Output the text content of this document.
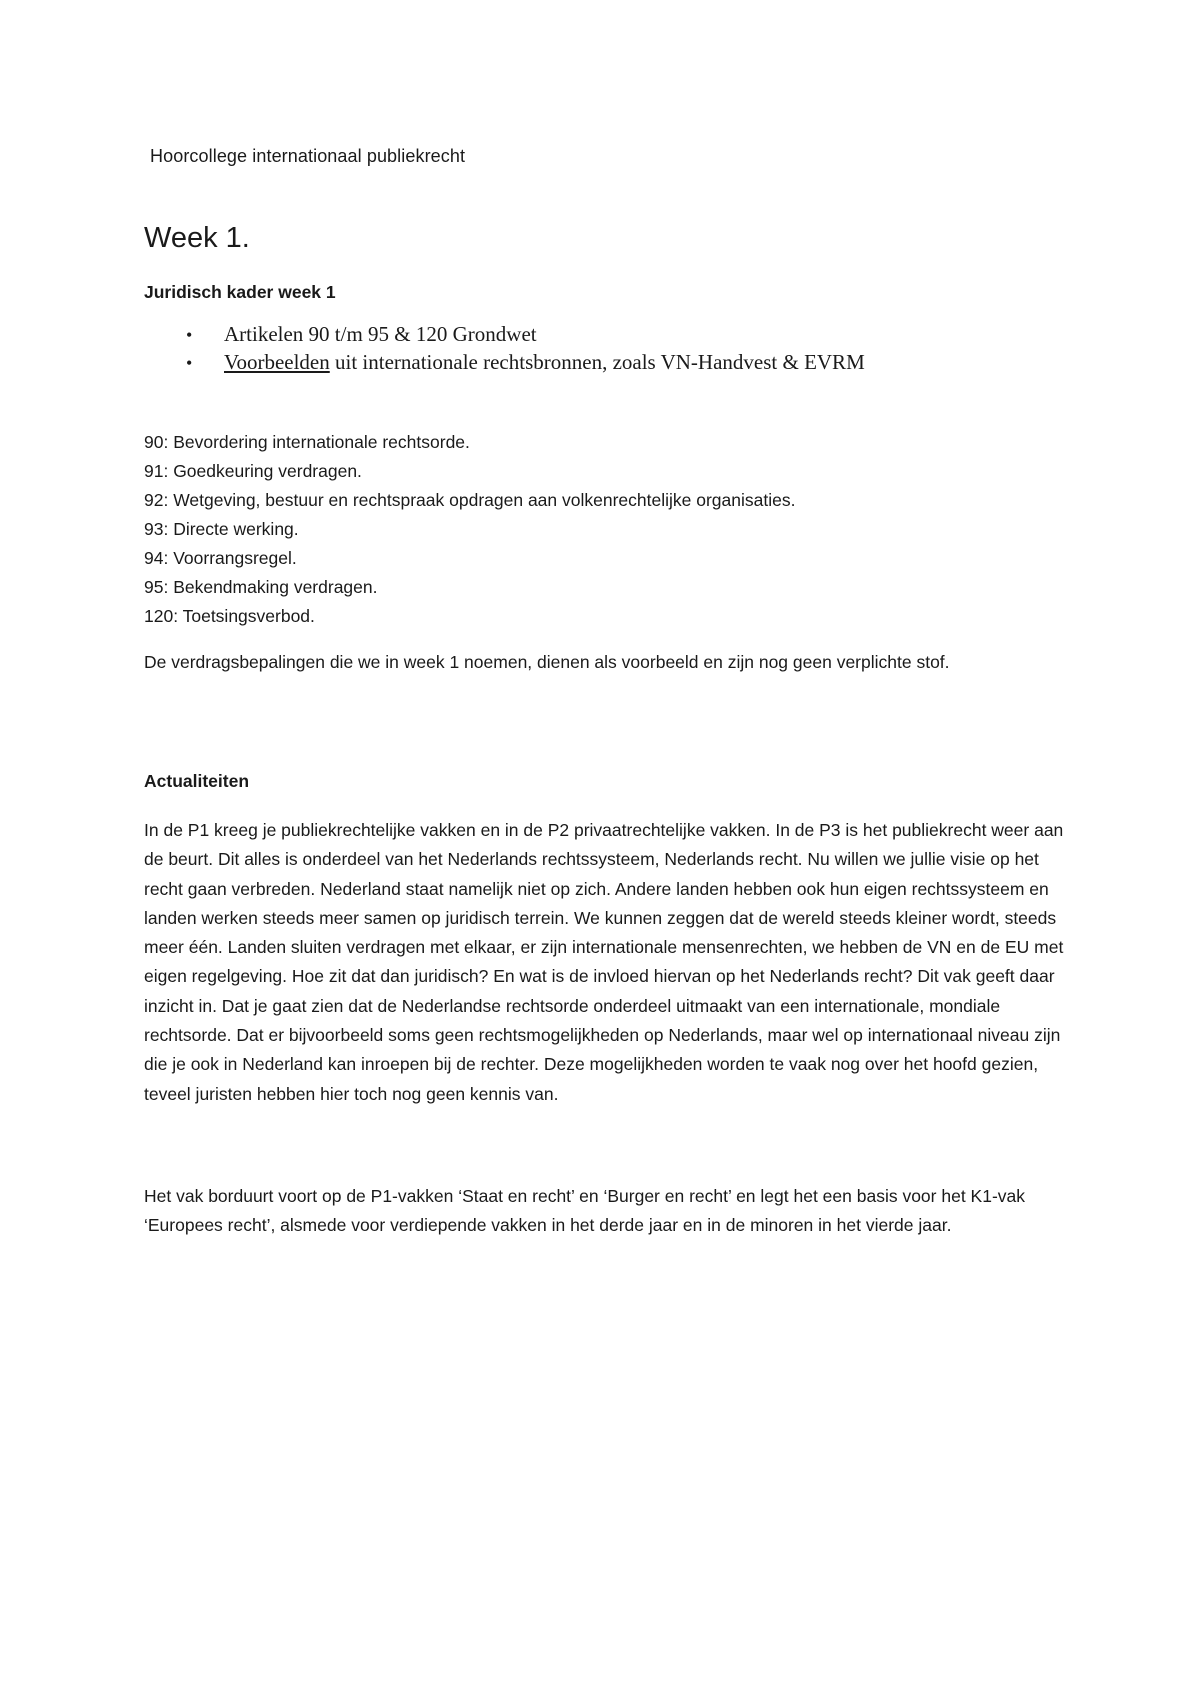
Hoorcollege internationaal publiekrecht
Week 1.
Juridisch kader week 1
•	Artikelen 90 t/m 95 & 120 Grondwet
•	Voorbeelden uit internationale rechtsbronnen, zoals VN-Handvest & EVRM
90: Bevordering internationale rechtsorde.
91: Goedkeuring verdragen.
92: Wetgeving, bestuur en rechtspraak opdragen aan volkenrechtelijke organisaties.
93: Directe werking.
94: Voorrangsregel.
95: Bekendmaking verdragen.
120: Toetsingsverbod.

De verdragsbepalingen die we in week 1 noemen, dienen als voorbeeld en zijn nog geen verplichte stof.

Actualiteiten

In de P1 kreeg je publiekrechtelijke vakken en in de P2 privaatrechtelijke vakken. In de P3 is het publiekrecht weer aan de beurt. Dit alles is onderdeel van het Nederlands rechtssysteem, Nederlands recht. Nu willen we jullie visie op het recht gaan verbreden. Nederland staat namelijk niet op zich. Andere landen hebben ook hun eigen rechtssysteem en landen werken steeds meer samen op juridisch terrein. We kunnen zeggen dat de wereld steeds kleiner wordt, steeds meer één. Landen sluiten verdragen met elkaar, er zijn internationale mensenrechten, we hebben de VN en de EU met eigen regelgeving. Hoe zit dat dan juridisch? En wat is de invloed hiervan op het Nederlands recht? Dit vak geeft daar inzicht in. Dat je gaat zien dat de Nederlandse rechtsorde onderdeel uitmaakt van een internationale, mondiale rechtsorde. Dat er bijvoorbeeld soms geen rechtsmogelijkheden op Nederlands, maar wel op internationaal niveau zijn die je ook in Nederland kan inroepen bij de rechter. Deze mogelijkheden worden te vaak nog over het hoofd gezien, teveel juristen hebben hier toch nog geen kennis van.

Het vak borduurt voort op de P1-vakken ‘Staat en recht’ en ‘Burger en recht’ en legt het een basis voor het K1-vak ‘Europees recht’, alsmede voor verdiepende vakken in het derde jaar en in de minoren in het vierde jaar.
